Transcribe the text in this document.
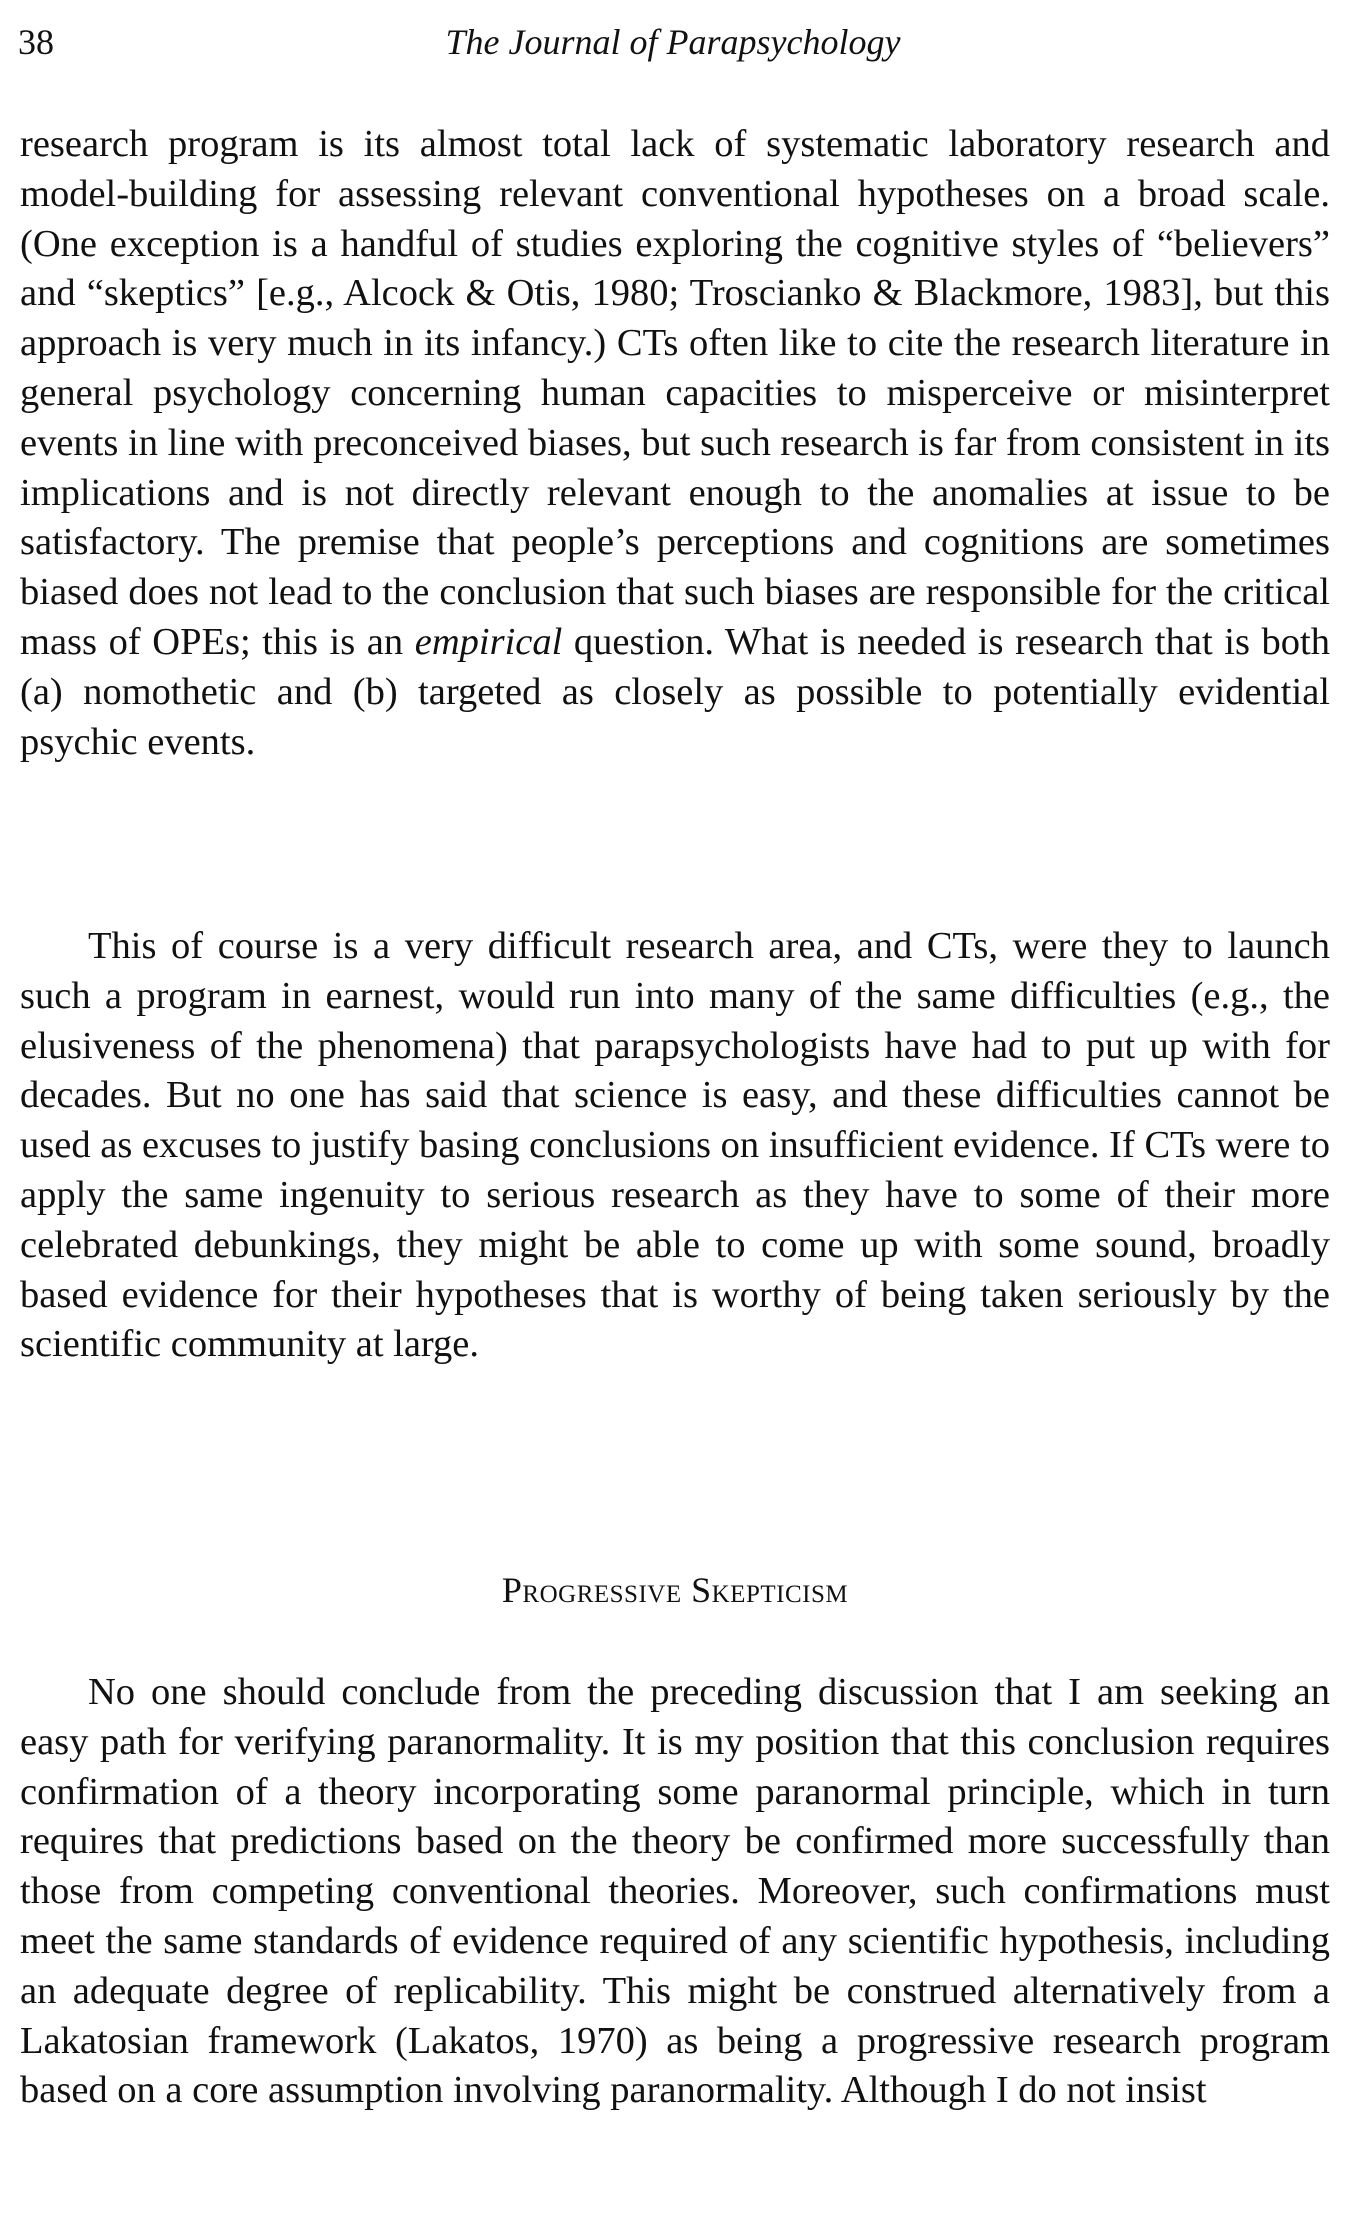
38	The Journal of Parapsychology

research program is its almost total lack of systematic laboratory research and model-building for assessing relevant conventional hypotheses on a broad scale. (One exception is a handful of studies exploring the cognitive styles of “believers” and “skeptics” [e.g., Alcock & Otis, 1980; Troscianko & Blackmore, 1983], but this approach is very much in its infancy.) CTs often like to cite the research literature in general psychology concerning human capacities to misperceive or misinterpret events in line with preconceived biases, but such research is far from consistent in its implications and is not directly relevant enough to the anomalies at issue to be satisfactory. The premise that people’s perceptions and cognitions are sometimes biased does not lead to the conclusion that such biases are responsible for the critical mass of OPEs; this is an empirical question. What is needed is research that is both (a) nomothetic and (b) targeted as closely as possible to potentially evidential psychic events.

This of course is a very difficult research area, and CTs, were they to launch such a program in earnest, would run into many of the same difficulties (e.g., the elusiveness of the phenomena) that parapsychologists have had to put up with for decades. But no one has said that science is easy, and these difficulties cannot be used as excuses to justify basing conclusions on insufficient evidence. If CTs were to apply the same ingenuity to serious research as they have to some of their more celebrated debunkings, they might be able to come up with some sound, broadly based evidence for their hypotheses that is worthy of being taken seriously by the scientific community at large.

Progressive Skepticism

No one should conclude from the preceding discussion that I am seeking an easy path for verifying paranormality. It is my position that this conclusion requires confirmation of a theory incorporating some paranormal principle, which in turn requires that predictions based on the theory be confirmed more successfully than those from competing conventional theories. Moreover, such confirmations must meet the same standards of evidence required of any scientific hypothesis, including an adequate degree of replicability. This might be construed alternatively from a Lakatosian framework (Lakatos, 1970) as being a progressive research program based on a core assumption involving paranormality. Although I do not insist
